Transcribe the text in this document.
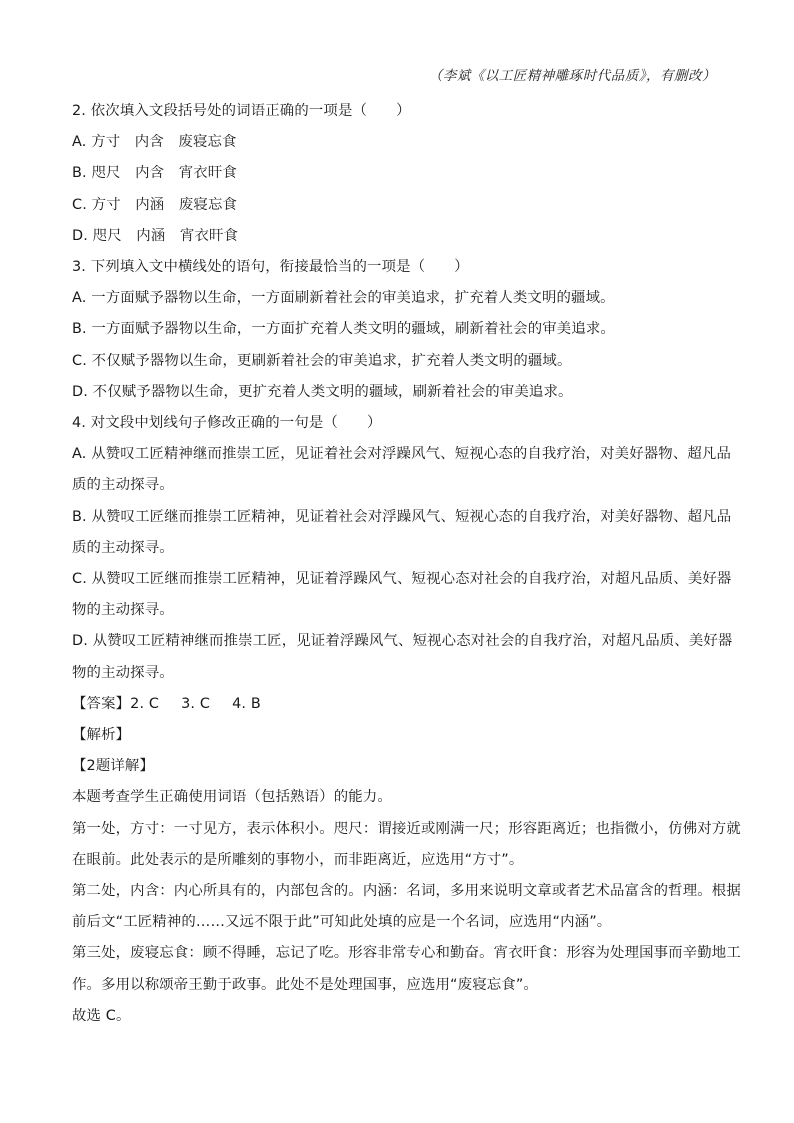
（李斌《以工匠精神雕琢时代品质》，有删改）
2. 依次填入文段括号处的词语正确的一项是（　　）
A. 方寸　内含　废寝忘食
B. 咫尺　内含　宵衣旰食
C. 方寸　内涵　废寝忘食
D. 咫尺　内涵　宵衣旰食
3. 下列填入文中横线处的语句，衔接最恰当的一项是（　　）
A. 一方面赋予器物以生命，一方面刷新着社会的审美追求，扩充着人类文明的疆域。
B. 一方面赋予器物以生命，一方面扩充着人类文明的疆域，刷新着社会的审美追求。
C. 不仅赋予器物以生命，更刷新着社会的审美追求，扩充着人类文明的疆域。
D. 不仅赋予器物以生命，更扩充着人类文明的疆域，刷新着社会的审美追求。
4. 对文段中划线句子修改正确的一句是（　　）
A. 从赞叹工匠精神继而推崇工匠，见证着社会对浮躁风气、短视心态的自我疗治，对美好器物、超凡品
质的主动探寻。
B. 从赞叹工匠继而推崇工匠精神，见证着社会对浮躁风气、短视心态的自我疗治，对美好器物、超凡品
质的主动探寻。
C. 从赞叹工匠继而推崇工匠精神，见证着浮躁风气、短视心态对社会的自我疗治，对超凡品质、美好器
物的主动探寻。
D. 从赞叹工匠精神继而推崇工匠，见证着浮躁风气、短视心态对社会的自我疗治，对超凡品质、美好器
物的主动探寻。
【答案】2. C 3. C 4. B
【解析】
【2题详解】
本题考查学生正确使用词语（包括熟语）的能力。
第一处，方寸：一寸见方，表示体积小。咫尺：谓接近或刚满一尺；形容距离近；也指微小，仿佛对方就
在眼前。此处表示的是所雕刻的事物小，而非距离近，应选用“方寸”。
第二处，内含：内心所具有的，内部包含的。内涵：名词，多用来说明文章或者艺术品富含的哲理。根据
前后文“工匠精神的……又远不限于此”可知此处填的应是一个名词，应选用“内涵”。
第三处，废寝忘食：顾不得睡，忘记了吃。形容非常专心和勤奋。宵衣旰食：形容为处理国事而辛勤地工
作。多用以称颂帝王勤于政事。此处不是处理国事，应选用“废寝忘食”。
故选 C。
